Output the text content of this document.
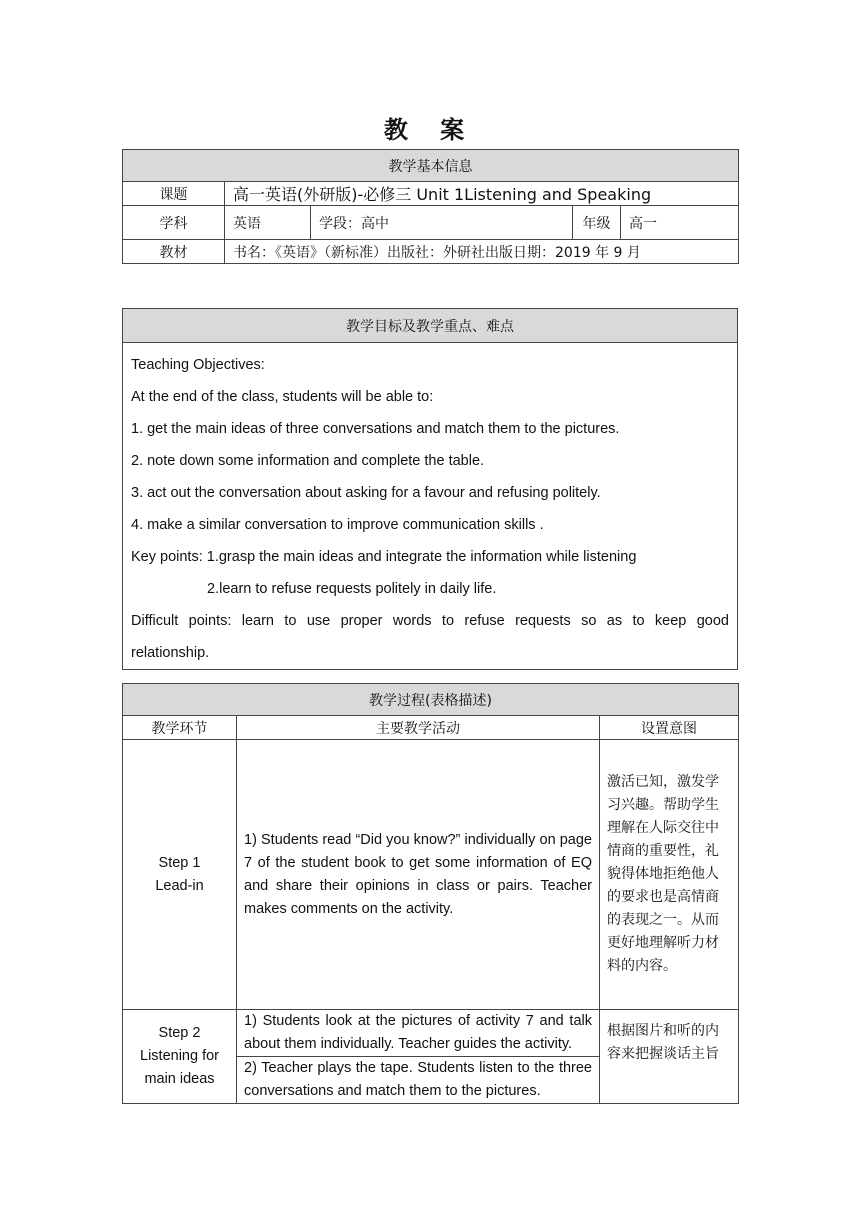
教 案
教学基本信息				
课题	高一英语(外研版)-必修三 Unit 1Listening and Speaking			
学科	英语	学段：高中	年级	高一
教材	书名：《英语》（新标准）出版社：外研社出版日期：2019 年 9 月			
教学目标及教学重点、难点

Teaching Objectives:

At the end of the class, students will be able to:

1. get the main ideas of three conversations and match them to the pictures.

2. note down some information and complete the table.

3. act out the conversation about asking for a favour and refusing politely.

4. make a similar conversation to improve communication skills .

Key points: 1.grasp the main ideas and integrate the information while listening

2.learn to refuse requests politely in daily life.

Difficult points: learn to use proper words to refuse requests so as to keep good

relationship.

教学过程(表格描述)		
教学环节	主要教学活动	设置意图

Step 1
Lead-in	1) Students read “Did you know?” individually on page 7 of the student book to get some information of EQ and share their opinions in class or pairs. Teacher makes comments on the activity.	激活已知，激发学习兴趣。帮助学生理解在人际交往中情商的重要性，礼貌得体地拒绝他人的要求也是高情商的表现之一。从而更好地理解听力材料的内容。

Step 2
Listening for
main ideas	1) Students look at the pictures of activity 7 and talk about them individually. Teacher guides the activity.	根据图片和听的内容来把握谈话主旨
	2) Teacher plays the tape. Students listen to the three conversations and match them to the pictures.	
